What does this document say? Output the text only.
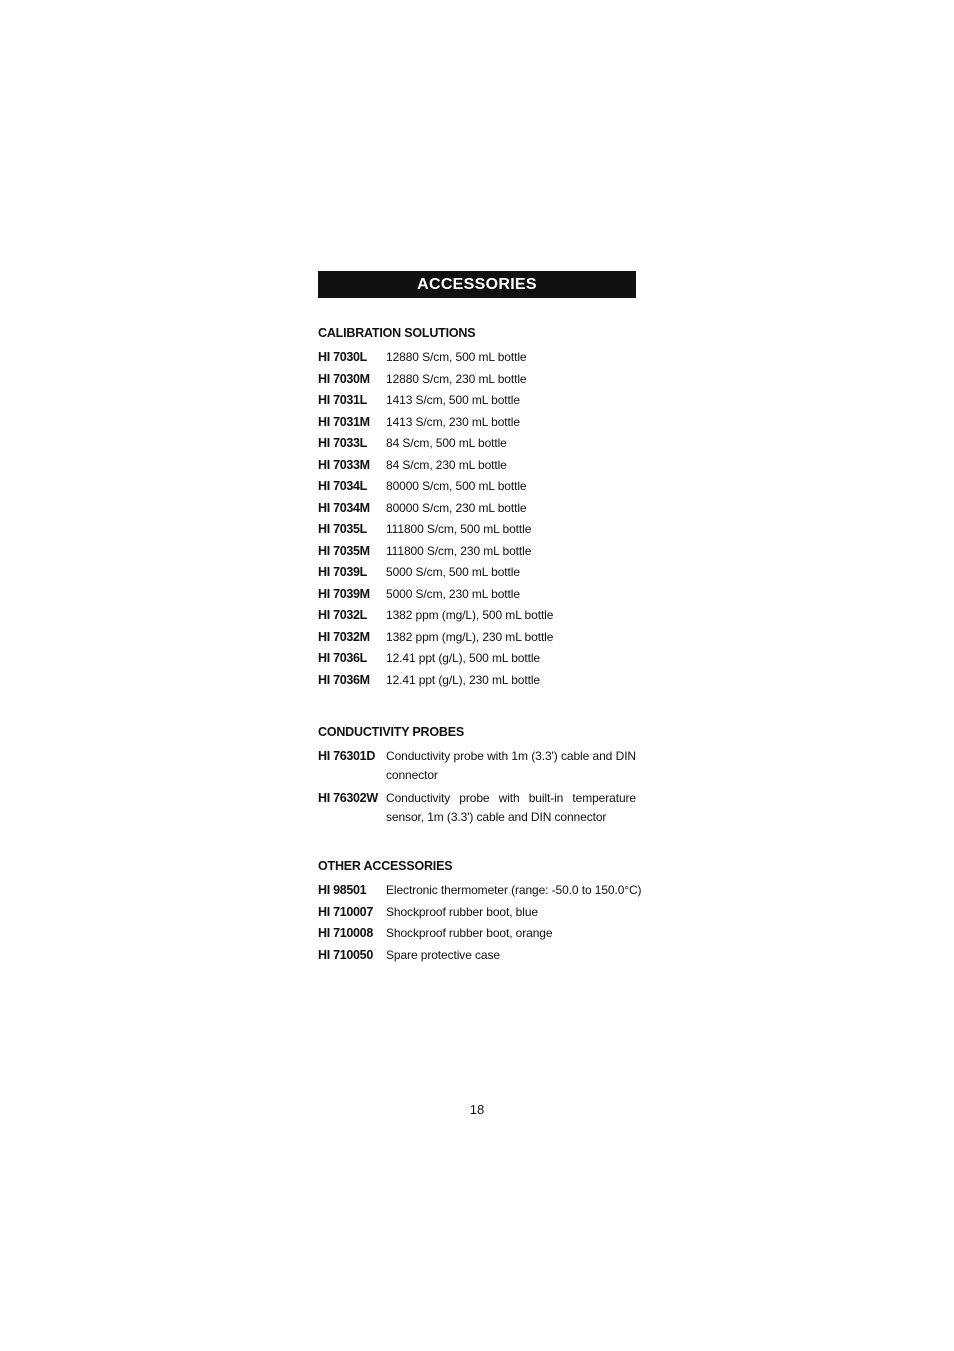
ACCESSORIES
CALIBRATION SOLUTIONS
HI 7030L	12880 S/cm, 500 mL bottle
HI 7030M	12880 S/cm, 230 mL bottle
HI 7031L	1413 S/cm, 500 mL bottle
HI 7031M	1413 S/cm, 230 mL bottle
HI 7033L	84 S/cm, 500 mL bottle
HI 7033M	84 S/cm, 230 mL bottle
HI 7034L	80000 S/cm, 500 mL bottle
HI 7034M	80000 S/cm, 230 mL bottle
HI 7035L	111800 S/cm, 500 mL bottle
HI 7035M	111800 S/cm, 230 mL bottle
HI 7039L	5000 S/cm, 500 mL bottle
HI 7039M	5000 S/cm, 230 mL bottle
HI 7032L	1382 ppm (mg/L), 500 mL bottle
HI 7032M	1382 ppm (mg/L), 230 mL bottle
HI 7036L	12.41 ppt (g/L), 500 mL bottle
HI 7036M	12.41 ppt (g/L), 230 mL bottle
CONDUCTIVITY PROBES
HI 76301D Conductivity probe with 1m (3.3') cable and DIN connector
HI 76302W Conductivity probe with built-in temperature sensor, 1m (3.3') cable and DIN connector
OTHER ACCESSORIES
HI 98501	Electronic thermometer (range: -50.0 to 150.0°C)
HI 710007	Shockproof rubber boot, blue
HI 710008	Shockproof rubber boot, orange
HI 710050	Spare protective case
18
